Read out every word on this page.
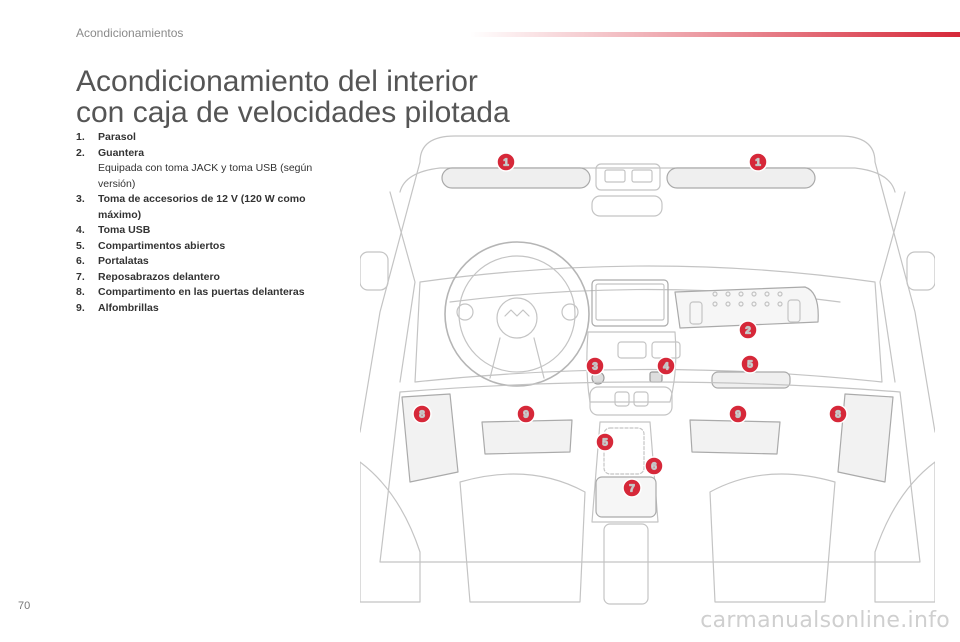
Acondicionamientos
Acondicionamiento del interior
con caja de velocidades pilotada
1.	Parasol
2.	Guantera
Equipada con toma JACK y toma USB (según versión)
3.	Toma de accesorios de 12 V (120 W como máximo)
4.	Toma USB
5.	Compartimentos abiertos
6.	Portalatas
7.	Reposabrazos delantero
8.	Compartimento en las puertas delanteras
9.	Alfombrillas
1	1
2
3	4	5
5
6
7
8	8
9	9
70
carmanualsonline.info
